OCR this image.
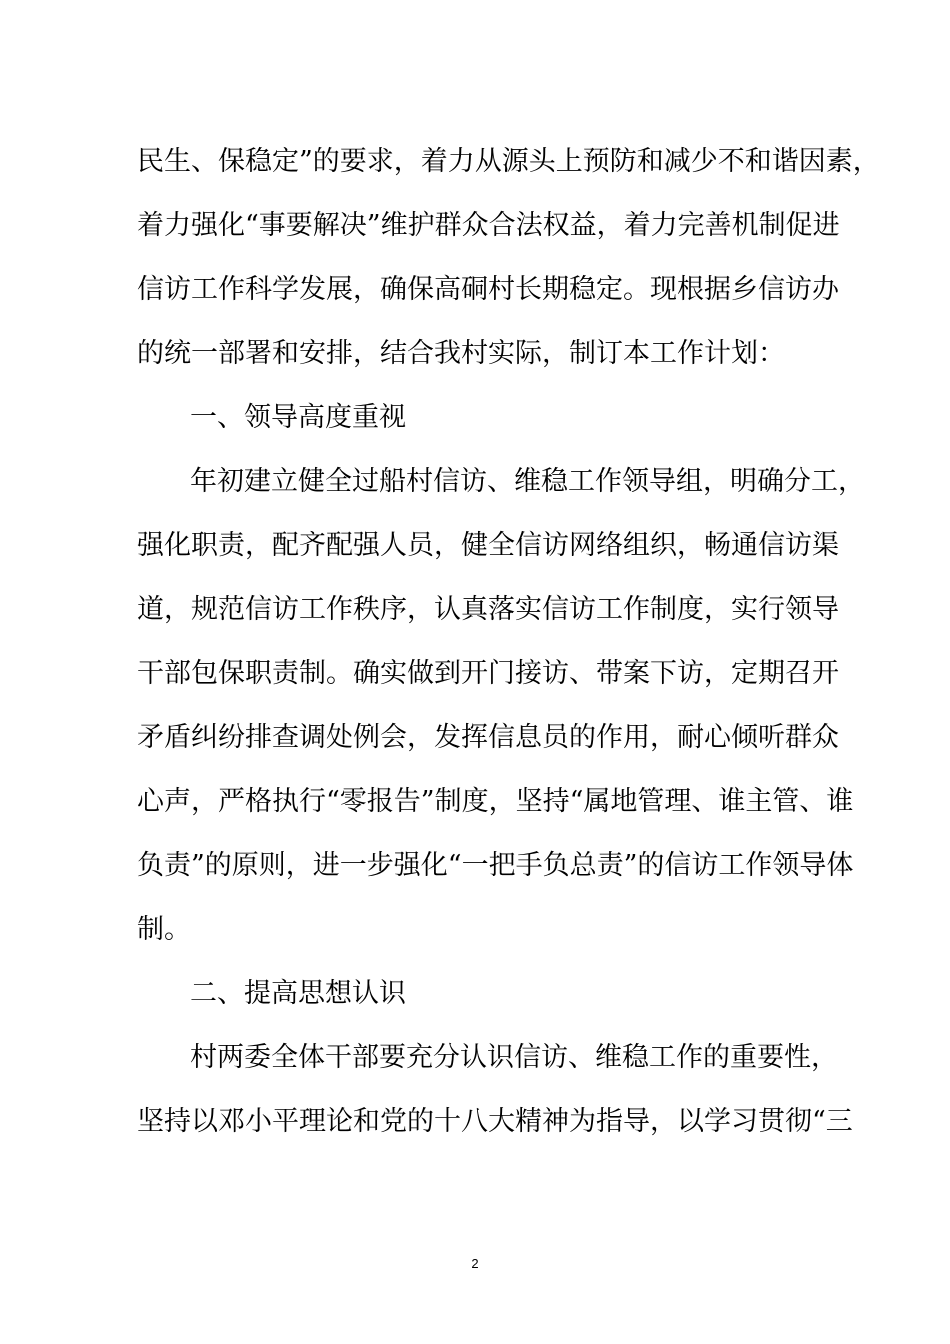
民生、保稳定”的要求，着力从源头上预防和减少不和谐因素，
着力强化“事要解决”维护群众合法权益，着力完善机制促进
信访工作科学发展，确保高硐村长期稳定。现根据乡信访办
的统一部署和安排，结合我村实际，制订本工作计划：
一、领导高度重视
年初建立健全过船村信访、维稳工作领导组，明确分工，
强化职责，配齐配强人员，健全信访网络组织，畅通信访渠
道，规范信访工作秩序，认真落实信访工作制度，实行领导
干部包保职责制。确实做到开门接访、带案下访，定期召开
矛盾纠纷排查调处例会，发挥信息员的作用，耐心倾听群众
心声，严格执行“零报告”制度，坚持“属地管理、谁主管、谁
负责”的原则，进一步强化“一把手负总责”的信访工作领导体
制。
二、提高思想认识
村两委全体干部要充分认识信访、维稳工作的重要性，
坚持以邓小平理论和党的十八大精神为指导，以学习贯彻“三
2
